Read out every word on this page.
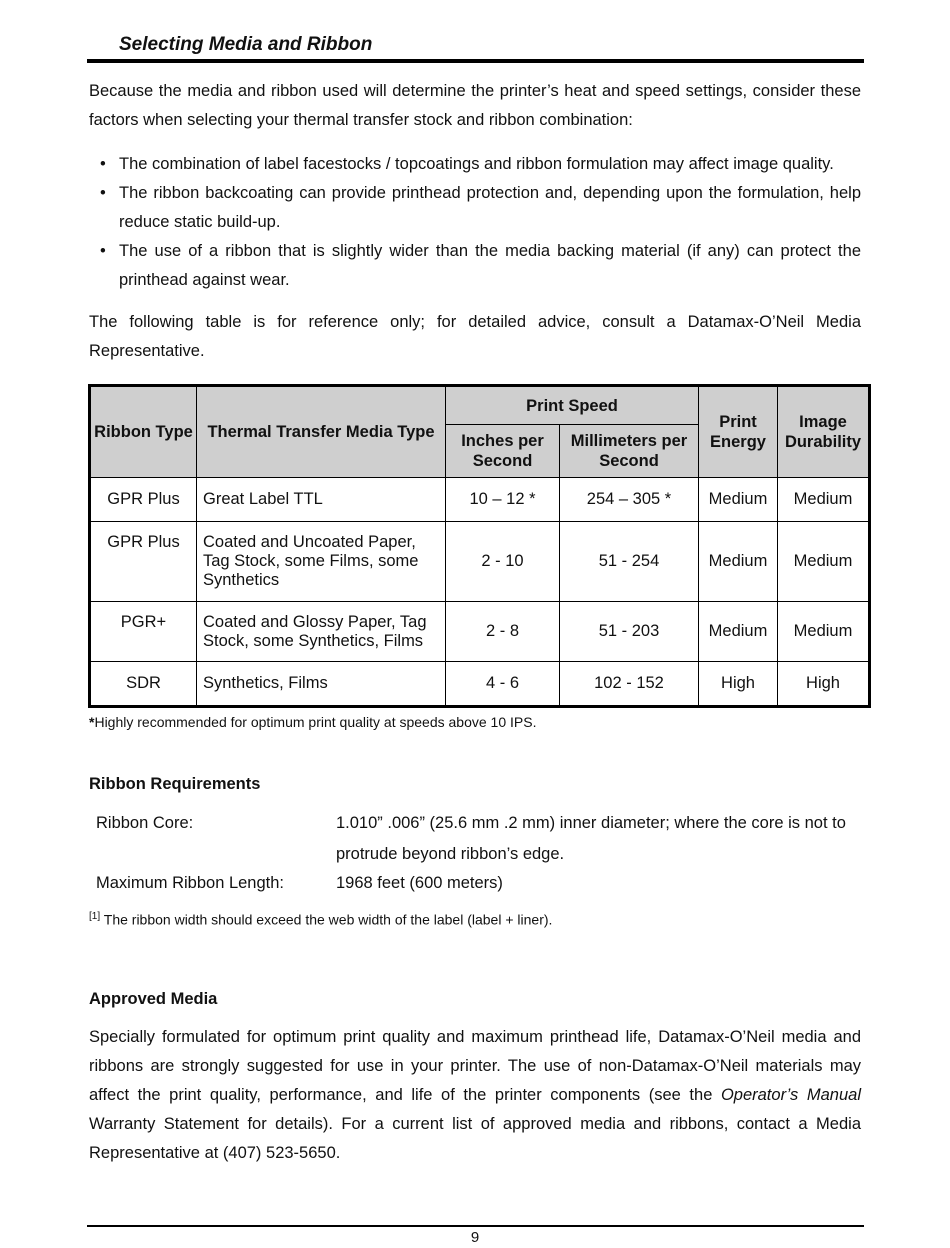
Selecting Media and Ribbon
Because the media and ribbon used will determine the printer’s heat and speed settings, consider these factors when selecting your thermal transfer stock and ribbon combination:
• The combination of label facestocks / topcoatings and ribbon formulation may affect image quality.
• The ribbon backcoating can provide printhead protection and, depending upon the formulation, help reduce static build-up.
• The use of a ribbon that is slightly wider than the media backing material (if any) can protect the printhead against wear.
The following table is for reference only; for detailed advice, consult a Datamax-O’Neil Media Representative.
Ribbon Type	Thermal Transfer Media Type	Print Speed		Print Energy	Image Durability
		Inches per Second	Millimeters per Second		
GPR Plus	Great Label TTL	10 – 12 *	254 – 305 *	Medium	Medium
GPR Plus	Coated and Uncoated Paper, Tag Stock, some Films, some Synthetics	2 - 10	51 - 254	Medium	Medium
PGR+	Coated and Glossy Paper, Tag Stock, some Synthetics, Films	2 - 8	51 - 203	Medium	Medium
SDR	Synthetics, Films	4 - 6	102 - 152	High	High
*Highly recommended for optimum print quality at speeds above 10 IPS.
Ribbon Requirements
Ribbon Core:	1.010” .006” (25.6 mm .2 mm) inner diameter; where the core is not to protrude beyond ribbon’s edge.
Maximum Ribbon Length:	1968 feet (600 meters)
[1] The ribbon width should exceed the web width of the label (label + liner).
Approved Media
Specially formulated for optimum print quality and maximum printhead life, Datamax-O’Neil media and ribbons are strongly suggested for use in your printer. The use of non-Datamax-O’Neil materials may affect the print quality, performance, and life of the printer components (see the Operator’s Manual Warranty Statement for details). For a current list of approved media and ribbons, contact a Media Representative at (407) 523-5650.
9
